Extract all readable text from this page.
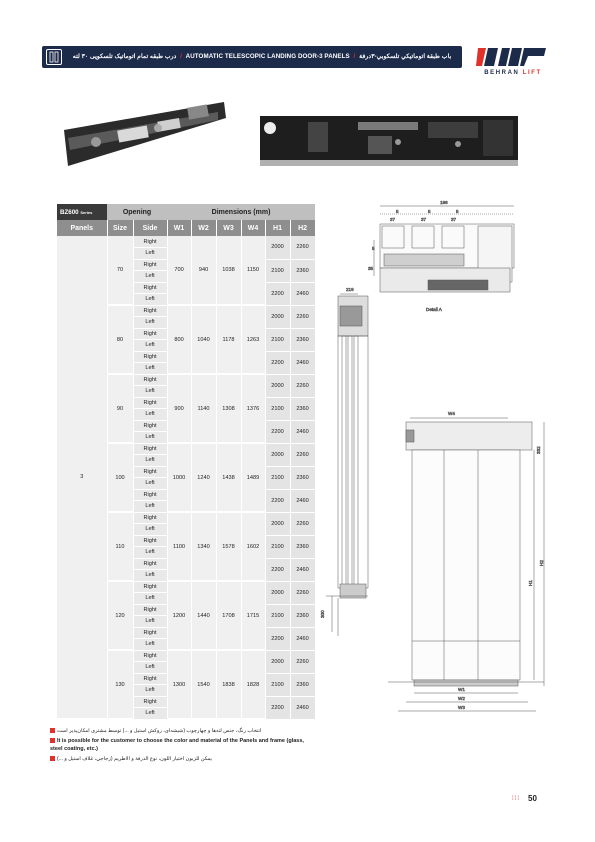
درب طبقه تمام اتوماتیک تلسکوپی ۳۰ لته / AUTOMATIC TELESCOPIC LANDING DOOR-3 PANELS / باب طبقة اتوماتيكي تلسكوبي-۳درفة
BEHRAN LIFT
BZ600 Series	Opening		Dimensions (mm)					
Panels	Size	Side	W1	W2	W3	W4	H1	H2
3	70	Right	700	940	1038	1150	2000	2260
		Left						
		Right					2100	2360
		Left						
		Right					2200	2460
		Left						
	80	Right	800	1040	1178	1263	2000	2260
		Left						
		Right					2100	2360
		Left						
		Right					2200	2460
		Left						
	90	Right	900	1140	1308	1376	2000	2260
		Left						
		Right					2100	2360
		Left						
		Right					2200	2460
		Left						
	100	Right	1000	1240	1438	1489	2000	2260
		Left						
		Right					2100	2360
		Left						
		Right					2200	2460
		Left						
	110	Right	1100	1340	1578	1602	2000	2260
		Left						
		Right					2100	2360
		Left						
		Right					2200	2460
		Left						
	120	Right	1200	1440	1708	1715	2000	2260
		Left						
		Right					2100	2360
		Left						
		Right					2200	2460
		Left						
	130	Right	1300	1540	1838	1828	2000	2260
		Left						
		Right					2100	2360
		Left						
		Right					2200	2460
		Left						
196
5	5	5
37	37	37
5
35
Detail A
219
300
W4
H1
H2
332
W1
W2
W3
انتخاب رنگ، جنس لته‌ها و چهارچوب (شیشه‌ای، روکش استیل و ...) توسط مشتری امکان‌پذیر است
It is possible for the customer to choose the color and material of the Panels and frame (glass,
steel coating, etc.)
يمكن للزبون اختيار اللون، نوع الدرفة و الاطريم (زجاجي، غلاف استيل و ...)
⁞⁞⁞ 50
